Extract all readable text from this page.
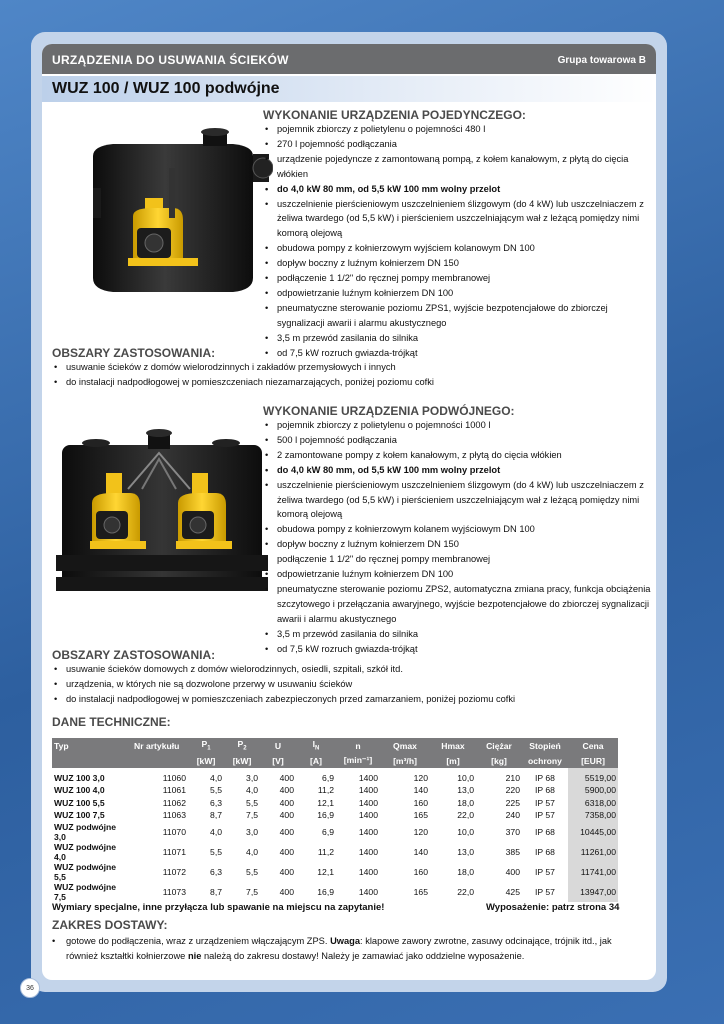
URZĄDZENIA DO USUWANIA ŚCIEKÓW	Grupa towarowa B
WUZ 100 / WUZ 100 podwójne
WYKONANIE URZĄDZENIA POJEDYNCZEGO:
• pojemnik zbiorczy z polietylenu o pojemności 480 l
• 270 l pojemność podłączania
• urządzenie pojedyncze z zamontowaną pompą, z kołem kanałowym, z płytą do cięcia włókien
• do 4,0 kW 80 mm, od 5,5 kW 100 mm wolny przelot
• uszczelnienie pierścieniowym uszczelnieniem ślizgowym (do 4 kW) lub uszczelniaczem z żeliwa twardego (od 5,5 kW) i pierścieniem uszczelniającym wał z leżącą pomiędzy nimi komorą olejową
• obudowa pompy z kołnierzowym wyjściem kolanowym DN 100
• dopływ boczny z luźnym kołnierzem DN 150
• podłączenie 1 1/2" do ręcznej pompy membranowej
• odpowietrzanie luźnym kołnierzem DN 100
• pneumatyczne sterowanie poziomu ZPS1, wyjście bezpotencjałowe do zbiorczej sygnalizacji awarii i alarmu akustycznego
• 3,5 m przewód zasilania do silnika
• od 7,5 kW rozruch gwiazda-trójkąt
OBSZARY ZASTOSOWANIA:
• usuwanie ścieków z domów wielorodzinnych i zakładów przemysłowych i innych
• do instalacji nadpodłogowej w pomieszczeniach niezamarzających, poniżej poziomu cofki
WYKONANIE URZĄDZENIA PODWÓJNEGO:
• pojemnik zbiorczy z polietylenu o pojemności 1000 l
• 500 l pojemność podłączania
• 2 zamontowane pompy z kołem kanałowym, z płytą do cięcia włókien
• do 4,0 kW 80 mm, od 5,5 kW 100 mm wolny przelot
• uszczelnienie pierścieniowym uszczelnieniem ślizgowym (do 4 kW) lub uszczelniaczem z żeliwa twardego (od 5,5 kW) i pierścieniem uszczelniającym wał z leżącą pomiędzy nimi komorą olejową
• obudowa pompy z kołnierzowym kolanem wyjściowym DN 100
• dopływ boczny z luźnym kołnierzem DN 150
• podłączenie 1 1/2" do ręcznej pompy membranowej
• odpowietrzanie luźnym kołnierzem DN 100
• pneumatyczne sterowanie poziomu ZPS2, automatyczna zmiana pracy, funkcja obciążenia szczytowego i przełączania awaryjnego, wyjście bezpotencjałowe do zbiorczej sygnalizacji awarii i alarmu akustycznego
• 3,5 m przewód zasilania do silnika
• od 7,5 kW rozruch gwiazda-trójkąt
OBSZARY ZASTOSOWANIA:
• usuwanie ścieków domowych z domów wielorodzinnych, osiedli, szpitali, szkół itd.
• urządzenia, w których nie są dozwolone przerwy w usuwaniu ścieków
• do instalacji nadpodłogowej w pomieszczeniach zabezpieczonych przed zamarzaniem, poniżej poziomu cofki
DANE TECHNICZNE:
Typ	Nr artykułu	$P_1$	$P_2$	U	$I_N$	n	Qmax	Hmax	Ciężar	Stopień	Cena
		[kW]	[kW]	[V]	[A]	[min⁻¹]	[m³/h]	[m]	[kg]	ochrony	[EUR]
WUZ 100 3,0	11060	4,0	3,0	400	6,9	1400	120	10,0	210	IP 68	5519,00
WUZ 100 4,0	11061	5,5	4,0	400	11,2	1400	140	13,0	220	IP 68	5900,00
WUZ 100 5,5	11062	6,3	5,5	400	12,1	1400	160	18,0	225	IP 57	6318,00
WUZ 100 7,5	11063	8,7	7,5	400	16,9	1400	165	22,0	240	IP 57	7358,00
WUZ podwójne 3,0	11070	4,0	3,0	400	6,9	1400	120	10,0	370	IP 68	10445,00
WUZ podwójne 4,0	11071	5,5	4,0	400	11,2	1400	140	13,0	385	IP 68	11261,00
WUZ podwójne 5,5	11072	6,3	5,5	400	12,1	1400	160	18,0	400	IP 57	11741,00
WUZ podwójne 7,5	11073	8,7	7,5	400	16,9	1400	165	22,0	425	IP 57	13947,00
Wymiary specjalne, inne przyłącza lub spawanie na miejscu na zapytanie!	Wyposażenie: patrz strona 34
ZAKRES DOSTAWY:
•	gotowe do podłączenia, wraz z urządzeniem włączającym ZPS. Uwaga: klapowe zawory zwrotne, zasuwy odcinające, trójnik itd., jak również kształtki kołnierzowe nie należą do zakresu dostawy! Należy je zamawiać jako oddzielne wyposażenie.
36
